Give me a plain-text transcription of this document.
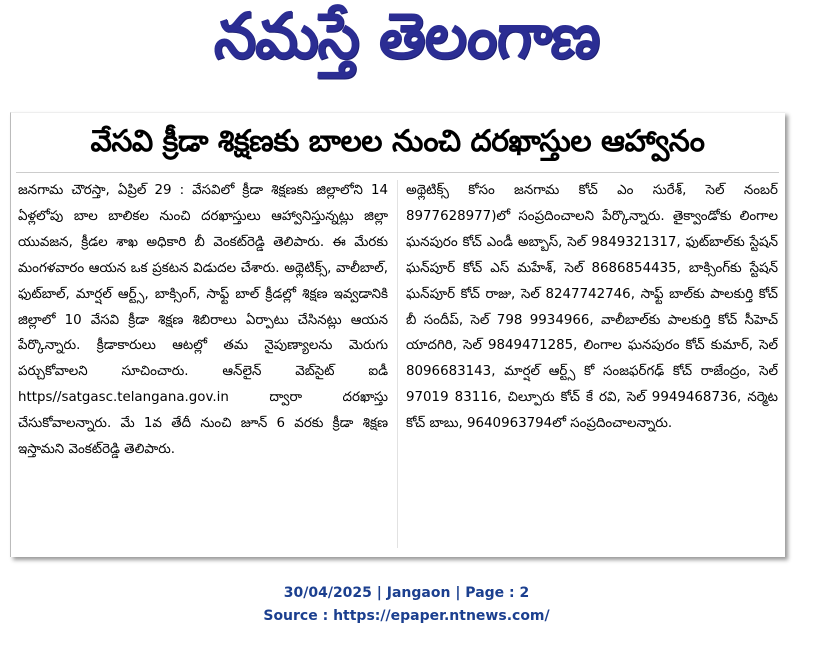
నమస్తే తెలంగాణ
వేసవి క్రీడా శిక్షణకు బాలల నుంచి దరఖాస్తుల ఆహ్వానం
జనగామ చౌరస్తా, ఏప్రిల్ 29 : వేసవిలో క్రీడా శిక్షణకు జిల్లాలోని 14 ఏళ్లలోపు బాల బాలికల నుంచి దరఖాస్తులు ఆహ్వానిస్తున్నట్లు జిల్లా యువజన, క్రీడల శాఖ అధికారి బీ వెంకట్‌రెడ్డి తెలిపారు. ఈ మేరకు మంగళవారం ఆయన ఒక ప్రకటన విడుదల చేశారు. అథ్లెటిక్స్, వాలీబాల్, ఫుట్‌బాల్, మార్షల్ ఆర్ట్స్, బాక్సింగ్, సాఫ్ట్ బాల్ క్రీడల్లో శిక్షణ ఇవ్వడానికి జిల్లాలో 10 వేసవి క్రీడా శిక్షణ శిబిరాలు ఏర్పాటు చేసినట్లు ఆయన పేర్కొన్నారు. క్రీడాకారులు ఆటల్లో తమ నైపుణ్యాలను మెరుగు పర్చుకోవాలని సూచించారు. ఆన్‌లైన్ వెబ్‌సైట్ ఐడీ https//satgasc.telangana.gov.in ద్వారా దరఖాస్తు చేసుకోవాలన్నారు. మే 1వ తేదీ నుంచి జూన్ 6 వరకు క్రీడా శిక్షణ ఇస్తామని వెంకట్‌రెడ్డి తెలిపారు.
అథ్లెటిక్స్ కోసం జనగామ కోచ్ ఎం సురేశ్, సెల్ నంబర్ 8977628977)లో సంప్రదించాలని పేర్కొన్నారు. తైక్వాండోకు లింగాల ఘనపురం కోచ్ ఎండీ అబ్బాస్, సెల్ 9849321317, ఫుట్‌బాల్‌కు స్టేషన్ ఘన్‌పూర్ కోచ్ ఎస్ మహేశ్, సెల్ 8686854435, బాక్సింగ్‌కు స్టేషన్ ఘన్‌పూర్ కోచ్ రాజు, సెల్ 8247742746, సాఫ్ట్ బాల్‌కు పాలకుర్తి కోచ్ బీ సందీప్, సెల్ 798 9934966, వాలీబాల్‌కు పాలకుర్తి కోచ్ సీహెచ్ యాదగిరి, సెల్ 9849471285, లింగాల ఘనపురం కోచ్ కుమార్, సెల్ 8096683143, మార్షల్ ఆర్ట్స్ కో సంజఫర్‌గఢ్ కోచ్ రాజేంద్రం, సెల్ 97019 83116, చిల్పూరు కోచ్ కే రవి, సెల్ 9949468736, నర్మెట కోచ్ బాబు, 9640963794లో సంప్రదించాలన్నారు.
30/04/2025 | Jangaon | Page : 2
Source : https://epaper.ntnews.com/
